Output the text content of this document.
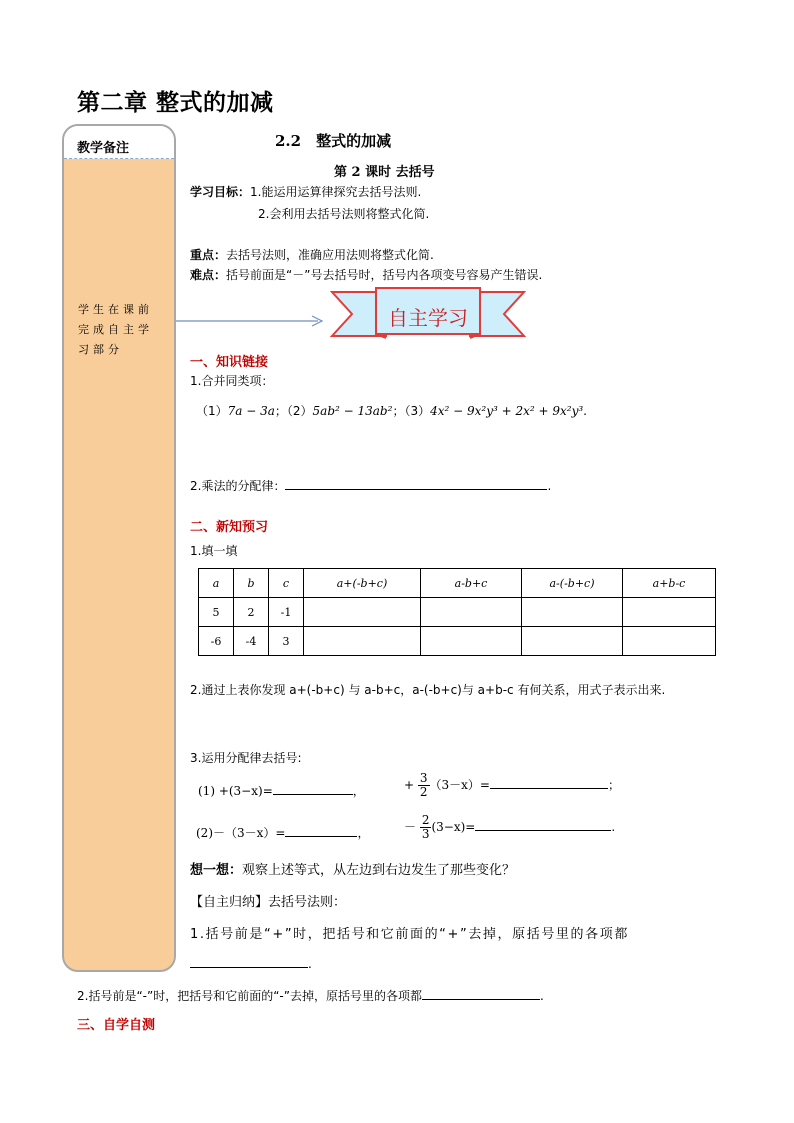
第二章 整式的加减
教学备注
学生在课前完成自主学习部分
2.2　整式的加减
第 2 课时 去括号
学习目标：1.能运用运算律探究去括号法则.
2.会利用去括号法则将整式化简.
重点：去括号法则，准确应用法则将整式化简.
难点：括号前面是“－”号去括号时，括号内各项变号容易产生错误.
自主学习
一、知识链接
1.合并同类项：
（1）7a − 3a；（2）5ab² − 13ab²；（3）4x² − 9x²y³ + 2x² + 9x²y³.
2.乘法的分配律：	.
二、新知预习
1.填一填
a	b	c	a+(-b+c)	a-b+c	a-(-b+c)	a+b-c
5	2	-1				
-6	-4	3				
2.通过上表你发现 a+(-b+c) 与 a-b+c，a-(-b+c)与 a+b-c 有何关系，用式子表示出来.
3.运用分配律去括号:
(1) +(3−x)=	，	+ $\frac{3}{2} (3-x)=$	；
(2)－（3－x）=	，	－ $\frac{2}{3} (3-x)=$	.
想一想：观察上述等式，从左边到右边发生了那些变化？
【自主归纳】去括号法则：
1.括号前是“+”时，把括号和它前面的“+”去掉，原括号里的各项都
.
2.括号前是“-”时，把括号和它前面的“-”去掉，原括号里的各项都	.
三、自学自测
